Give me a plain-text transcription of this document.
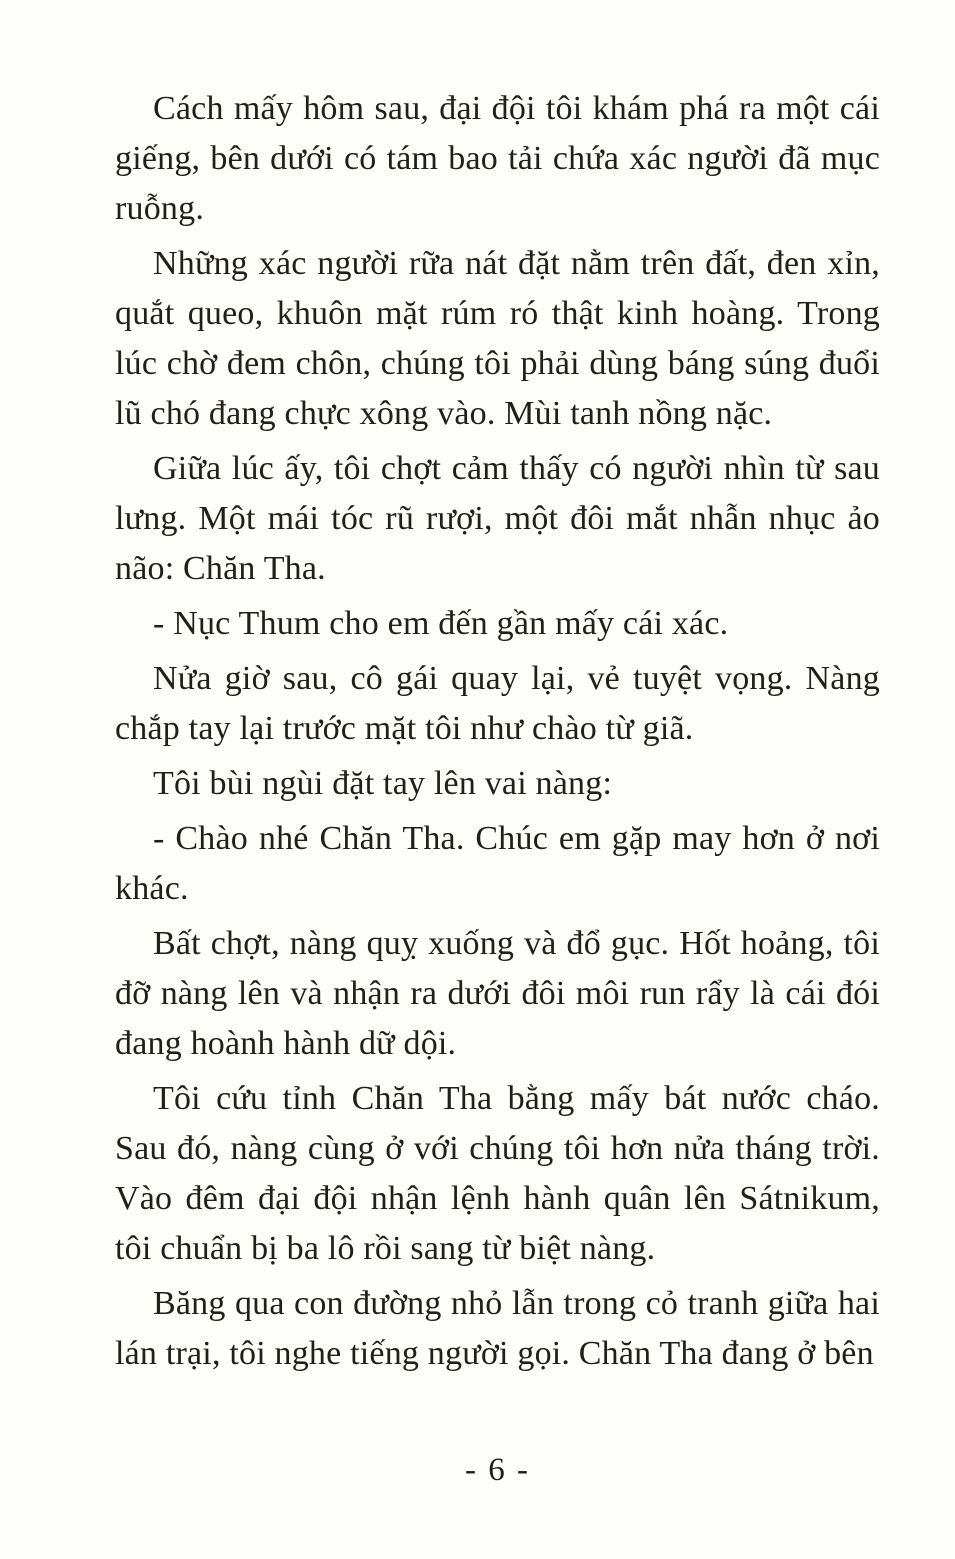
Cách mấy hôm sau, đại đội tôi khám phá ra một cái giếng, bên dưới có tám bao tải chứa xác người đã mục ruỗng.

Những xác người rữa nát đặt nằm trên đất, đen xỉn, quắt queo, khuôn mặt rúm ró thật kinh hoàng. Trong lúc chờ đem chôn, chúng tôi phải dùng báng súng đuổi lũ chó đang chực xông vào. Mùi tanh nồng nặc.

Giữa lúc ấy, tôi chợt cảm thấy có người nhìn từ sau lưng. Một mái tóc rũ rượi, một đôi mắt nhẫn nhục ảo não: Chăn Tha.

- Nục Thum cho em đến gần mấy cái xác.

Nửa giờ sau, cô gái quay lại, vẻ tuyệt vọng. Nàng chắp tay lại trước mặt tôi như chào từ giã.

Tôi bùi ngùi đặt tay lên vai nàng:

- Chào nhé Chăn Tha. Chúc em gặp may hơn ở nơi khác.

Bất chợt, nàng quỵ xuống và đổ gục. Hốt hoảng, tôi đỡ nàng lên và nhận ra dưới đôi môi run rẩy là cái đói đang hoành hành dữ dội.

Tôi cứu tỉnh Chăn Tha bằng mấy bát nước cháo. Sau đó, nàng cùng ở với chúng tôi hơn nửa tháng trời. Vào đêm đại đội nhận lệnh hành quân lên Sátnikum, tôi chuẩn bị ba lô rồi sang từ biệt nàng.

Băng qua con đường nhỏ lẫn trong cỏ tranh giữa hai lán trại, tôi nghe tiếng người gọi. Chăn Tha đang ở bên

- 6 -
